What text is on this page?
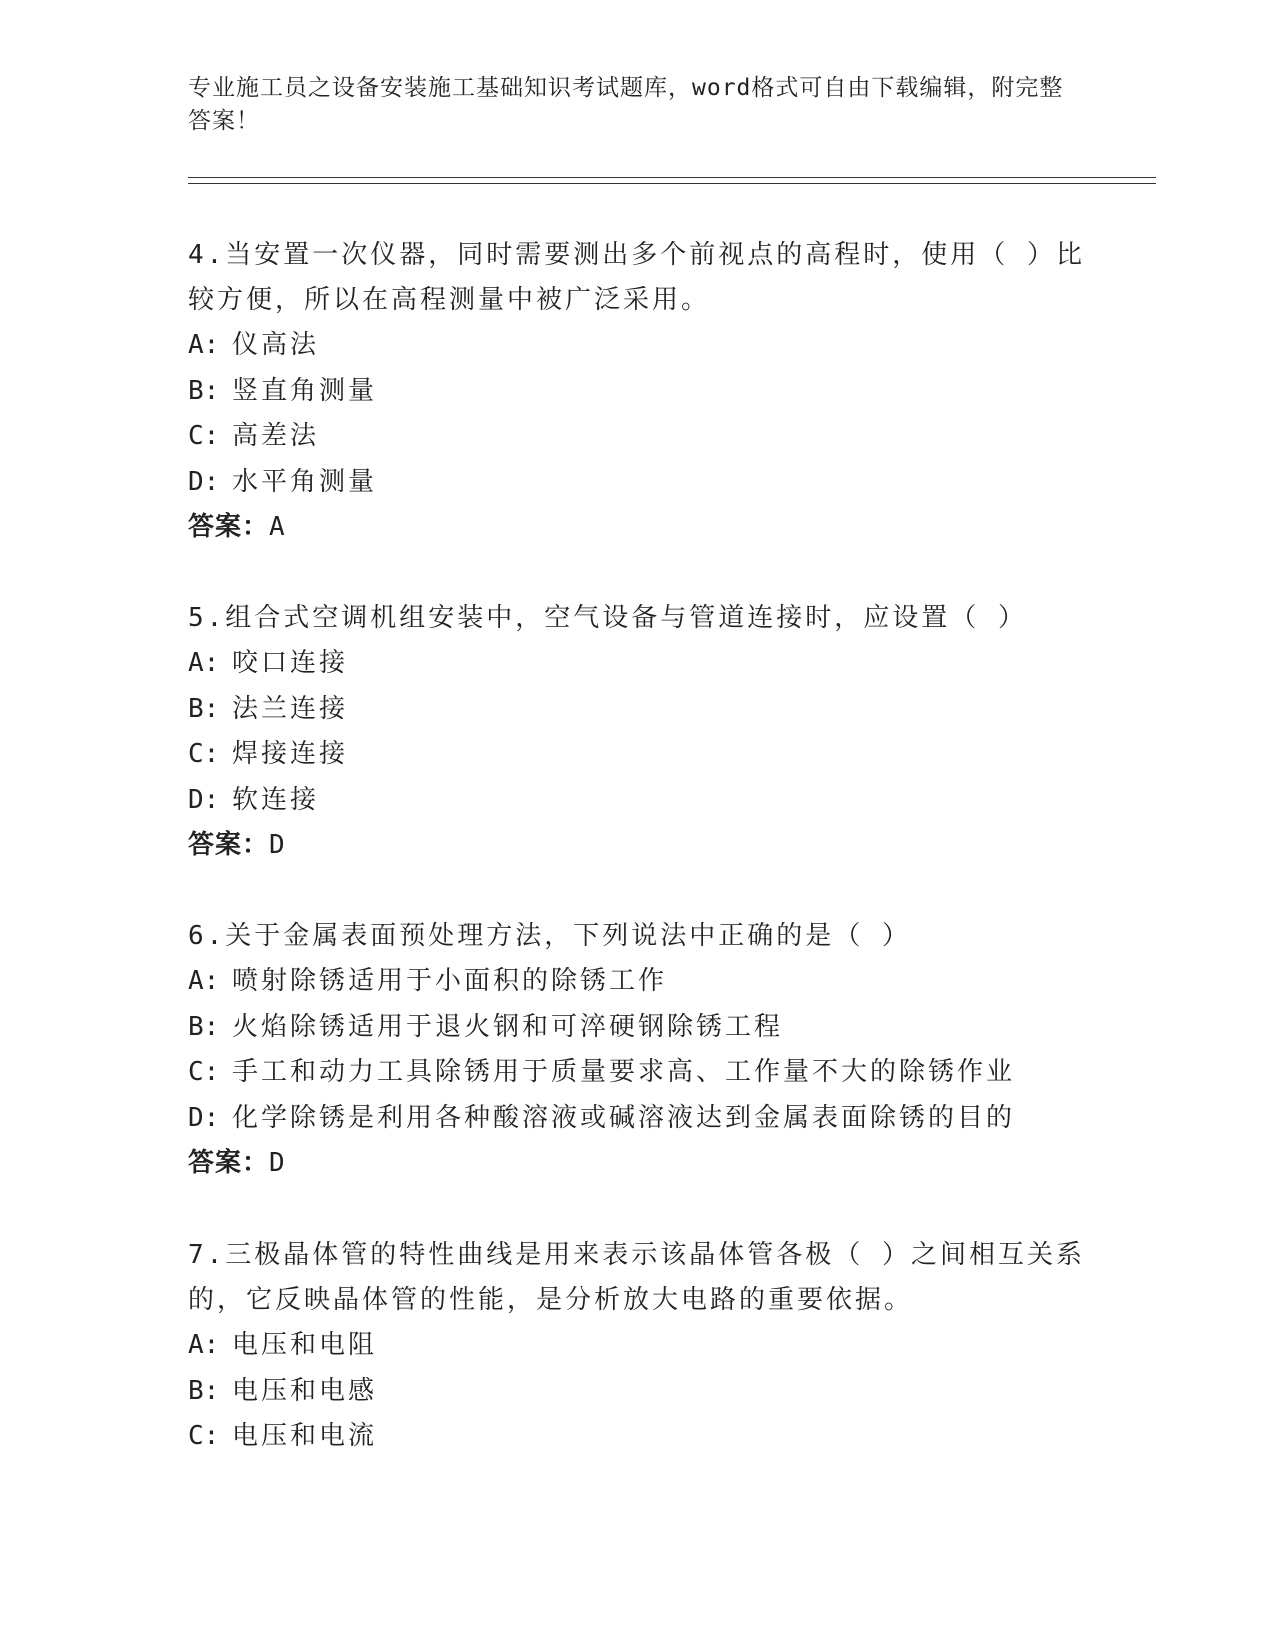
专业施工员之设备安装施工基础知识考试题库，word格式可自由下载编辑，附完整答案！

4.当安置一次仪器，同时需要测出多个前视点的高程时，使用（ ）比较方便，所以在高程测量中被广泛采用。

A: 仪高法

B: 竖直角测量

C: 高差法

D: 水平角测量

答案：A

5.组合式空调机组安装中，空气设备与管道连接时，应设置（ ）

A: 咬口连接

B: 法兰连接

C: 焊接连接

D: 软连接

答案：D

6.关于金属表面预处理方法，下列说法中正确的是（ ）

A: 喷射除锈适用于小面积的除锈工作

B: 火焰除锈适用于退火钢和可淬硬钢除锈工程

C: 手工和动力工具除锈用于质量要求高、工作量不大的除锈作业

D: 化学除锈是利用各种酸溶液或碱溶液达到金属表面除锈的目的

答案：D

7.三极晶体管的特性曲线是用来表示该晶体管各极（ ）之间相互关系的，它反映晶体管的性能，是分析放大电路的重要依据。

A: 电压和电阻

B: 电压和电感

C: 电压和电流
